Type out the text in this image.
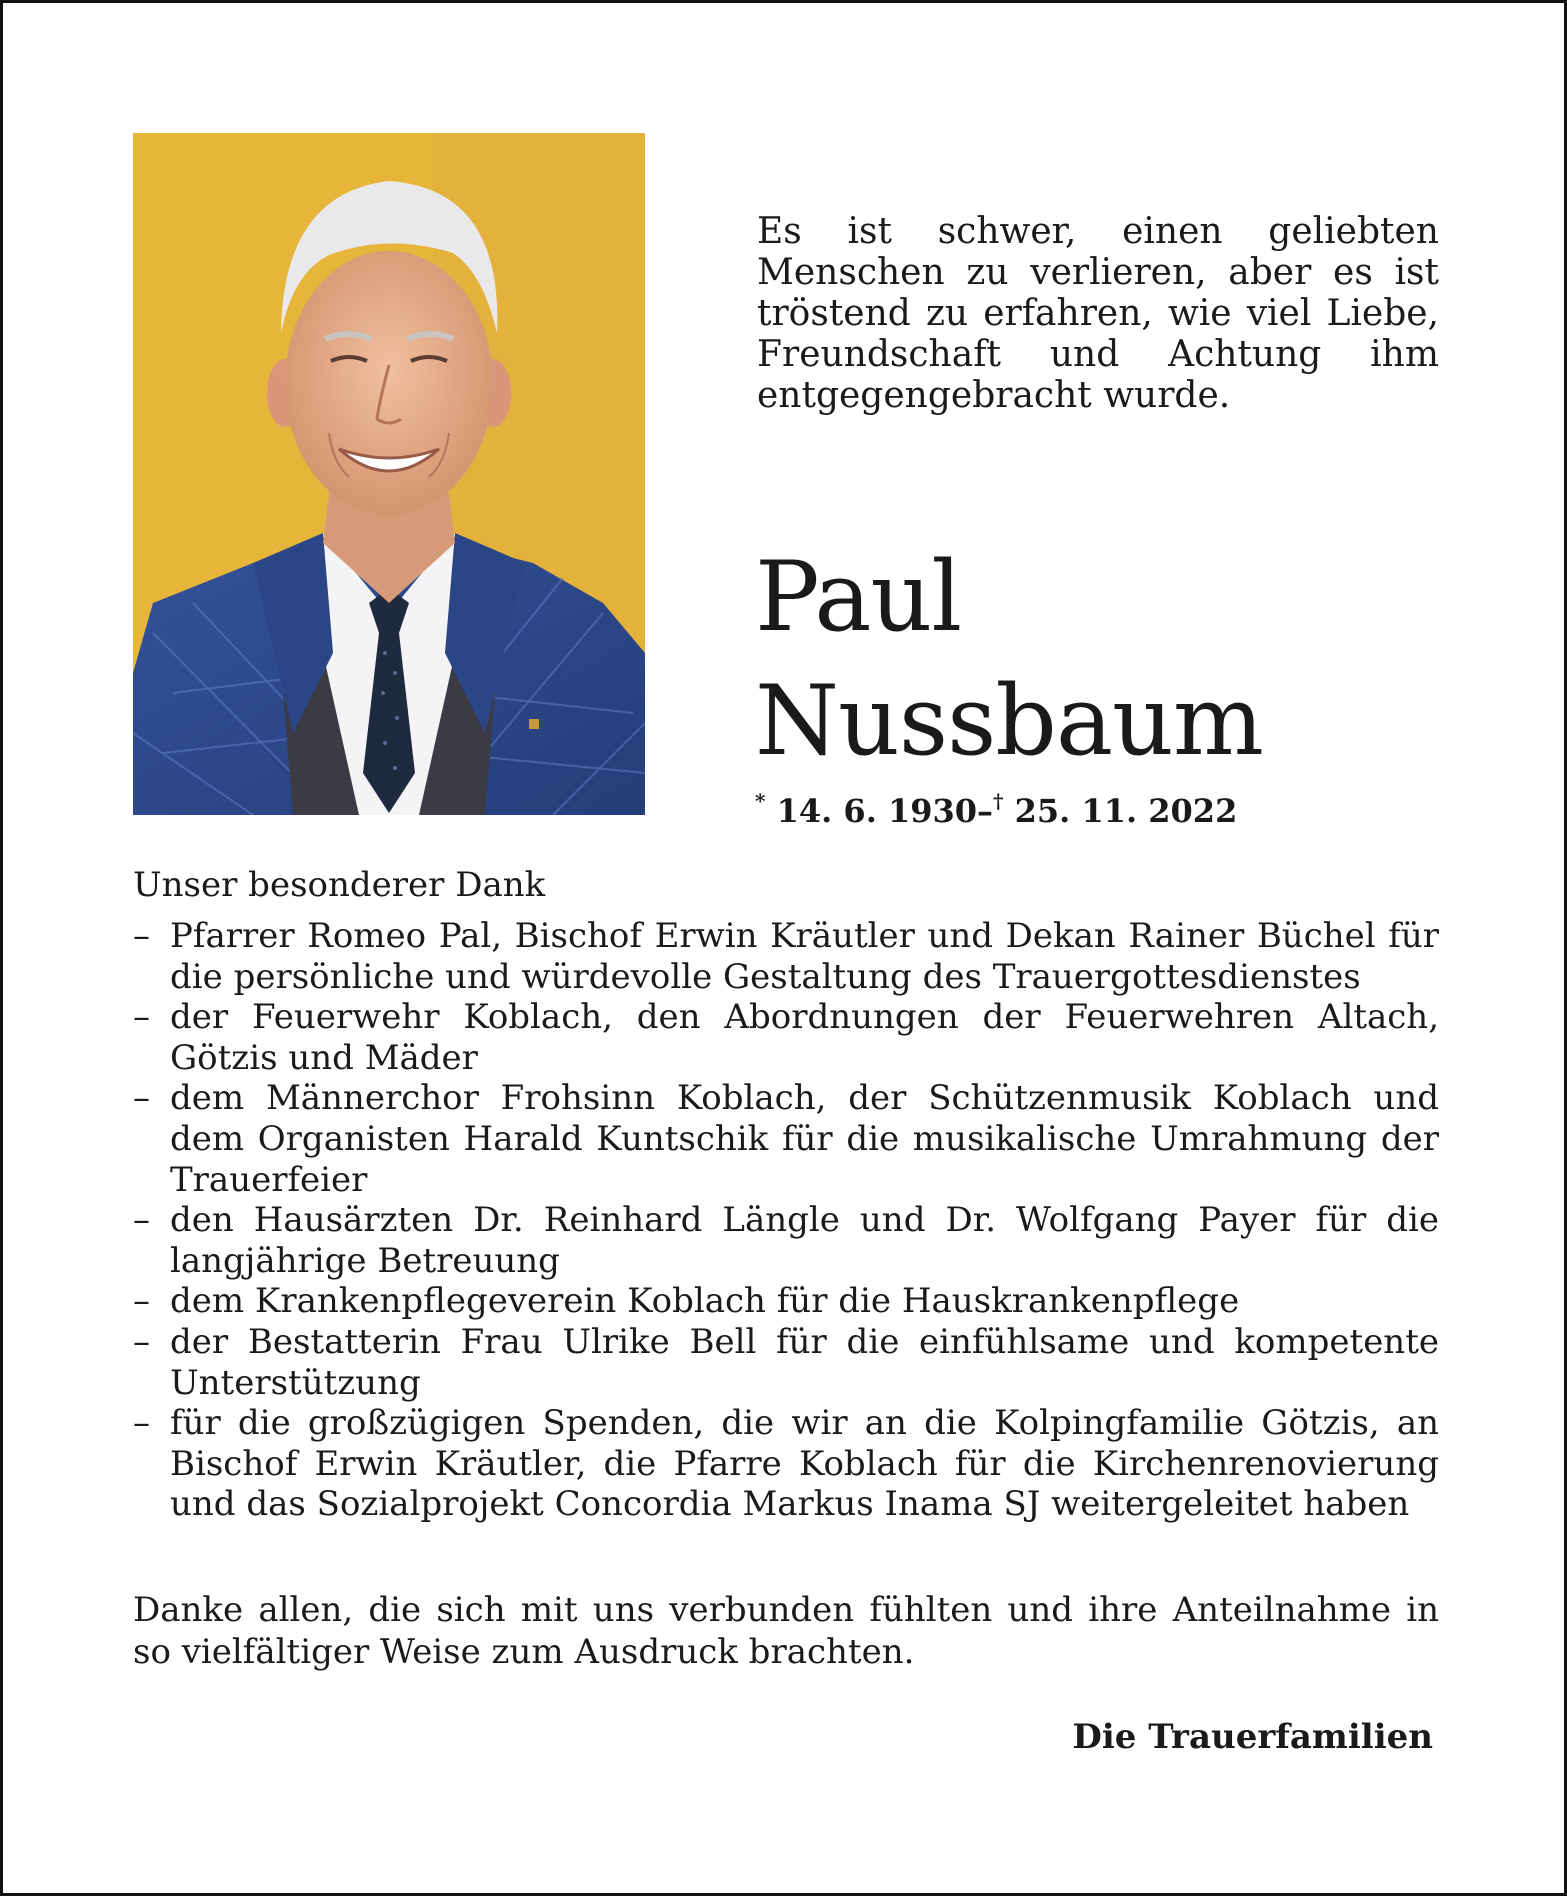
Es ist schwer, einen geliebten Menschen zu verlieren, aber es ist tröstend zu erfahren, wie viel Liebe, Freundschaft und Achtung ihm entgegengebracht wurde.

Paul
Nussbaum
* 14. 6. 1930–† 25. 11. 2022
Unser besonderer Dank
– Pfarrer Romeo Pal, Bischof Erwin Kräutler und Dekan Rainer Büchel für die persönliche und würdevolle Gestaltung des Trauergottesdienstes
– der Feuerwehr Koblach, den Abordnungen der Feuerwehren Altach, Götzis und Mäder
– dem Männerchor Frohsinn Koblach, der Schützenmusik Koblach und dem Organisten Harald Kuntschik für die musikalische Umrahmung der Trauerfeier
– den Hausärzten Dr. Reinhard Längle und Dr. Wolfgang Payer für die langjährige Betreuung
– dem Krankenpflegeverein Koblach für die Hauskrankenpflege
– der Bestatterin Frau Ulrike Bell für die einfühlsame und kompetente Unterstützung
– für die großzügigen Spenden, die wir an die Kolpingfamilie Götzis, an Bischof Erwin Kräutler, die Pfarre Koblach für die Kirchenrenovierung und das Sozialprojekt Concordia Markus Inama SJ weitergeleitet haben

Danke allen, die sich mit uns verbunden fühlten und ihre Anteilnahme in so vielfältiger Weise zum Ausdruck brachten.

Die Trauerfamilien
